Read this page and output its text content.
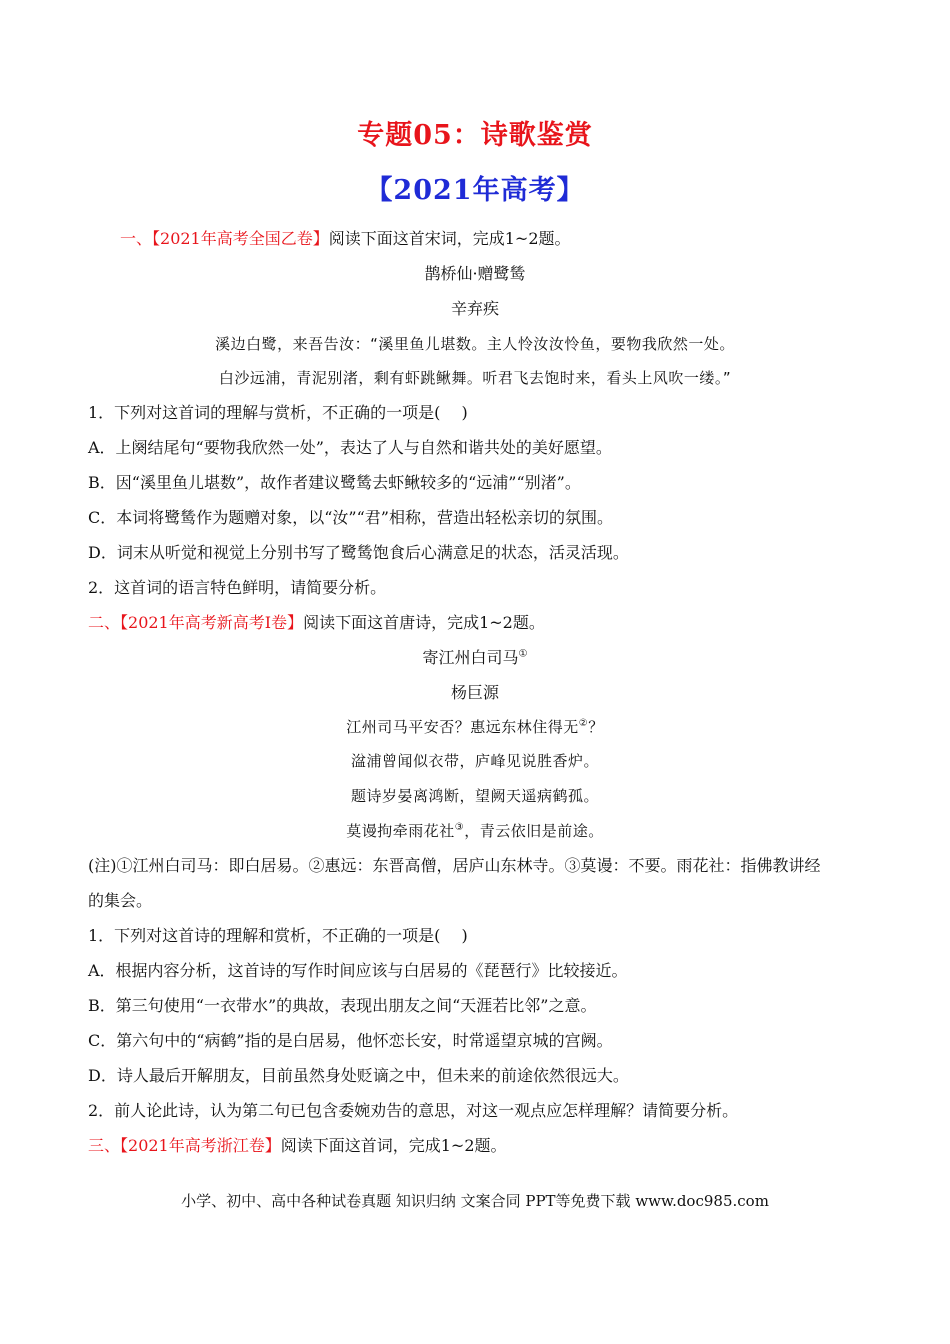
专题05：诗歌鉴赏
【2021年高考】
一、【2021年高考全国乙卷】阅读下面这首宋词，完成1~2题。
鹊桥仙·赠鹭鸶
辛弃疾
溪边白鹭，来吾告汝：“溪里鱼儿堪数。主人怜汝汝怜鱼，要物我欣然一处。
白沙远浦，青泥别渚，剩有虾跳鳅舞。听君飞去饱时来，看头上风吹一缕。”
1．下列对这首词的理解与赏析，不正确的一项是(　 )
A．上阕结尾句“要物我欣然一处”，表达了人与自然和谐共处的美好愿望。
B．因“溪里鱼儿堪数”，故作者建议鹭鸶去虾鳅较多的“远浦”“别渚”。
C．本词将鹭鸶作为题赠对象，以“汝”“君”相称，营造出轻松亲切的氛围。
D．词末从听觉和视觉上分别书写了鹭鸶饱食后心满意足的状态，活灵活现。
2．这首词的语言特色鲜明，请简要分析。
二、【2021年高考新高考I卷】阅读下面这首唐诗，完成1~2题。
寄江州白司马①
杨巨源
江州司马平安否？惠远东林住得无②？
湓浦曾闻似衣带，庐峰见说胜香炉。
题诗岁晏离鸿断，望阙天遥病鹤孤。
莫谩拘牵雨花社③，青云依旧是前途。
(注)①江州白司马：即白居易。②惠远：东晋高僧，居庐山东林寺。③莫谩：不要。雨花社：指佛教讲经
的集会。
1．下列对这首诗的理解和赏析，不正确的一项是(　 )
A．根据内容分析，这首诗的写作时间应该与白居易的《琵琶行》比较接近。
B．第三句使用“一衣带水”的典故，表现出朋友之间“天涯若比邻”之意。
C．第六句中的“病鹤”指的是白居易，他怀恋长安，时常遥望京城的宫阙。
D．诗人最后开解朋友，目前虽然身处贬谪之中，但未来的前途依然很远大。
2．前人论此诗，认为第二句已包含委婉劝告的意思，对这一观点应怎样理解？请简要分析。
三、【2021年高考浙江卷】阅读下面这首词，完成1~2题。
小学、初中、高中各种试卷真题 知识归纳 文案合同 PPT等免费下载 www.doc985.com
